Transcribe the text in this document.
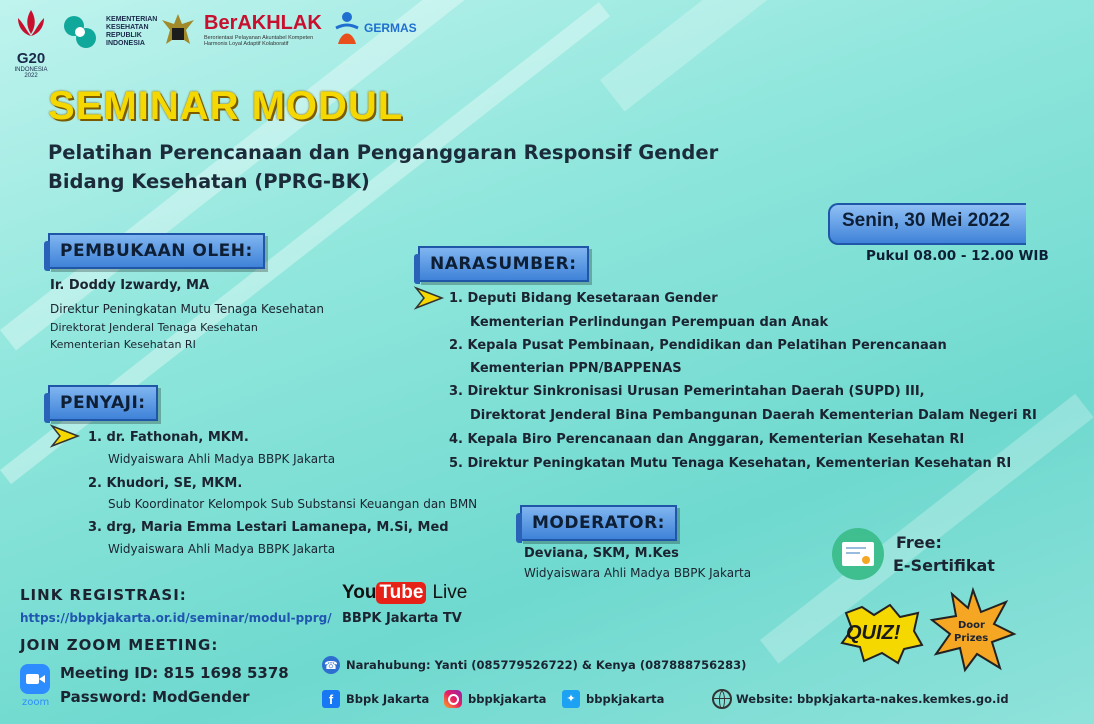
G20
INDONESIA
2022
KEMENTERIAN
KESEHATAN
REPUBLIK
INDONESIA
BerAKHLAK
Berorientasi Pelayanan Akuntabel Kompeten
Harmonis Loyal Adaptif Kolaboratif
GERMAS
SEMINAR MODUL
Pelatihan Perencanaan dan Penganggaran Responsif Gender
Bidang Kesehatan (PPRG-BK)
Senin, 30 Mei 2022
Pukul 08.00 - 12.00 WIB
PEMBUKAAN OLEH:
Ir. Doddy Izwardy, MA
Direktur Peningkatan Mutu Tenaga Kesehatan
Direktorat Jenderal Tenaga Kesehatan
Kementerian Kesehatan RI
PENYAJI:
1. dr. Fathonah, MKM.
Widyaiswara Ahli Madya BBPK Jakarta
2. Khudori, SE, MKM.
Sub Koordinator Kelompok Sub Substansi Keuangan dan BMN
3. drg, Maria Emma Lestari Lamanepa, M.Si, Med
Widyaiswara Ahli Madya BBPK Jakarta
NARASUMBER:
1. Deputi Bidang Kesetaraan Gender
Kementerian Perlindungan Perempuan dan Anak
2. Kepala Pusat Pembinaan, Pendidikan dan Pelatihan Perencanaan
Kementerian PPN/BAPPENAS
3. Direktur Sinkronisasi Urusan Pemerintahan Daerah (SUPD) III,
Direktorat Jenderal Bina Pembangunan Daerah Kementerian Dalam Negeri RI
4. Kepala Biro Perencanaan dan Anggaran, Kementerian Kesehatan RI
5. Direktur Peningkatan Mutu Tenaga Kesehatan, Kementerian Kesehatan RI
MODERATOR:
Deviana, SKM, M.Kes
Widyaiswara Ahli Madya BBPK Jakarta
Free:
E-Sertifikat
QUIZ!	Door
Prizes
LINK REGISTRASI:
https://bbpkjakarta.or.id/seminar/modul-pprg/
You Tube Live
BBPK Jakarta TV
JOIN ZOOM MEETING:
zoom
Meeting ID: 815 1698 5378
Password: ModGender
☎ Narahubung: Yanti (085779526722) & Kenya (087888756283)
f	Bbpk Jakarta	bbpkjakarta	✦ bbpkjakarta	Website: bbpkjakarta-nakes.kemkes.go.id
